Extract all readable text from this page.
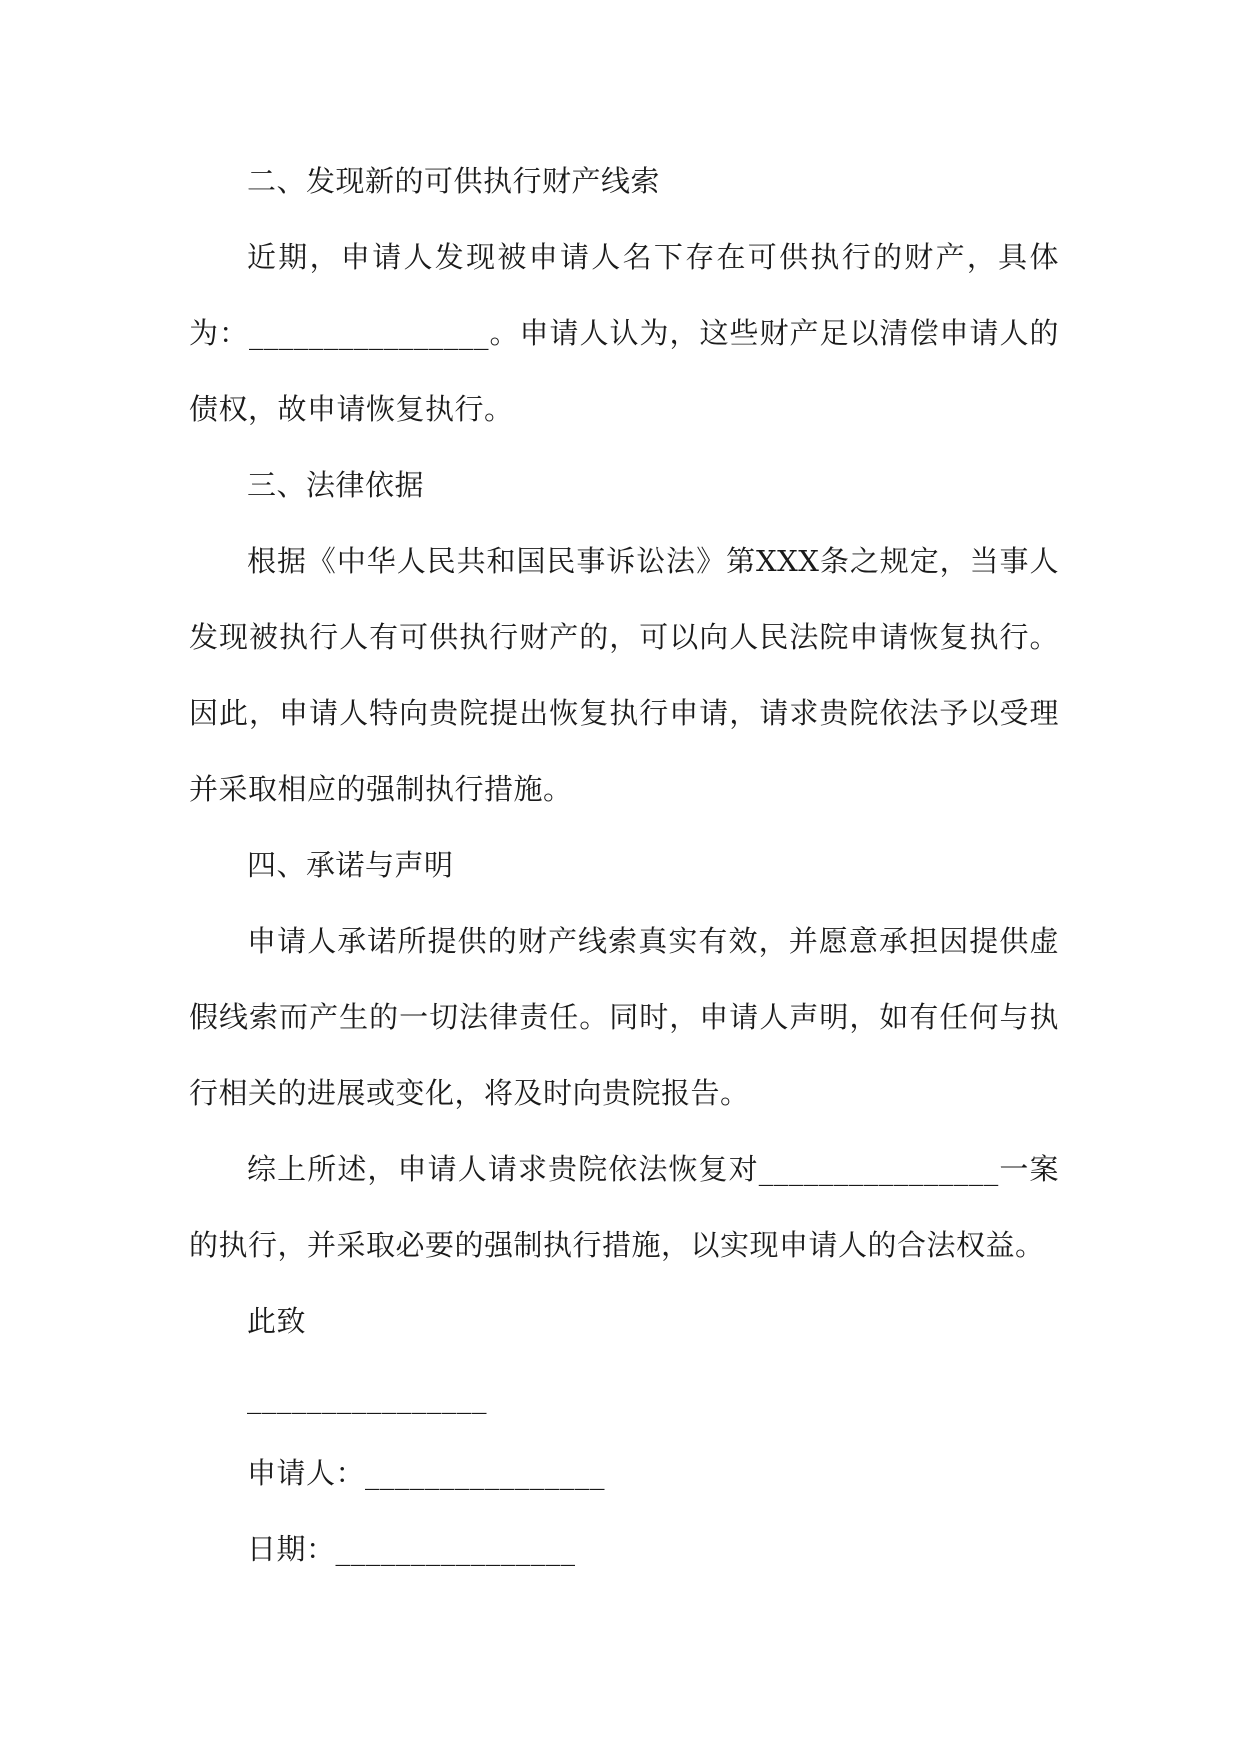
二、发现新的可供执行财产线索

近期，申请人发现被申请人名下存在可供执行的财产，具体为：________________。申请人认为，这些财产足以清偿申请人的债权，故申请恢复执行。

三、法律依据

根据《中华人民共和国民事诉讼法》第XXX条之规定，当事人发现被执行人有可供执行财产的，可以向人民法院申请恢复执行。因此，申请人特向贵院提出恢复执行申请，请求贵院依法予以受理并采取相应的强制执行措施。

四、承诺与声明

申请人承诺所提供的财产线索真实有效，并愿意承担因提供虚假线索而产生的一切法律责任。同时，申请人声明，如有任何与执行相关的进展或变化，将及时向贵院报告。

综上所述，申请人请求贵院依法恢复对________________一案的执行，并采取必要的强制执行措施，以实现申请人的合法权益。

此致

________________

申请人：________________

日期：________________
